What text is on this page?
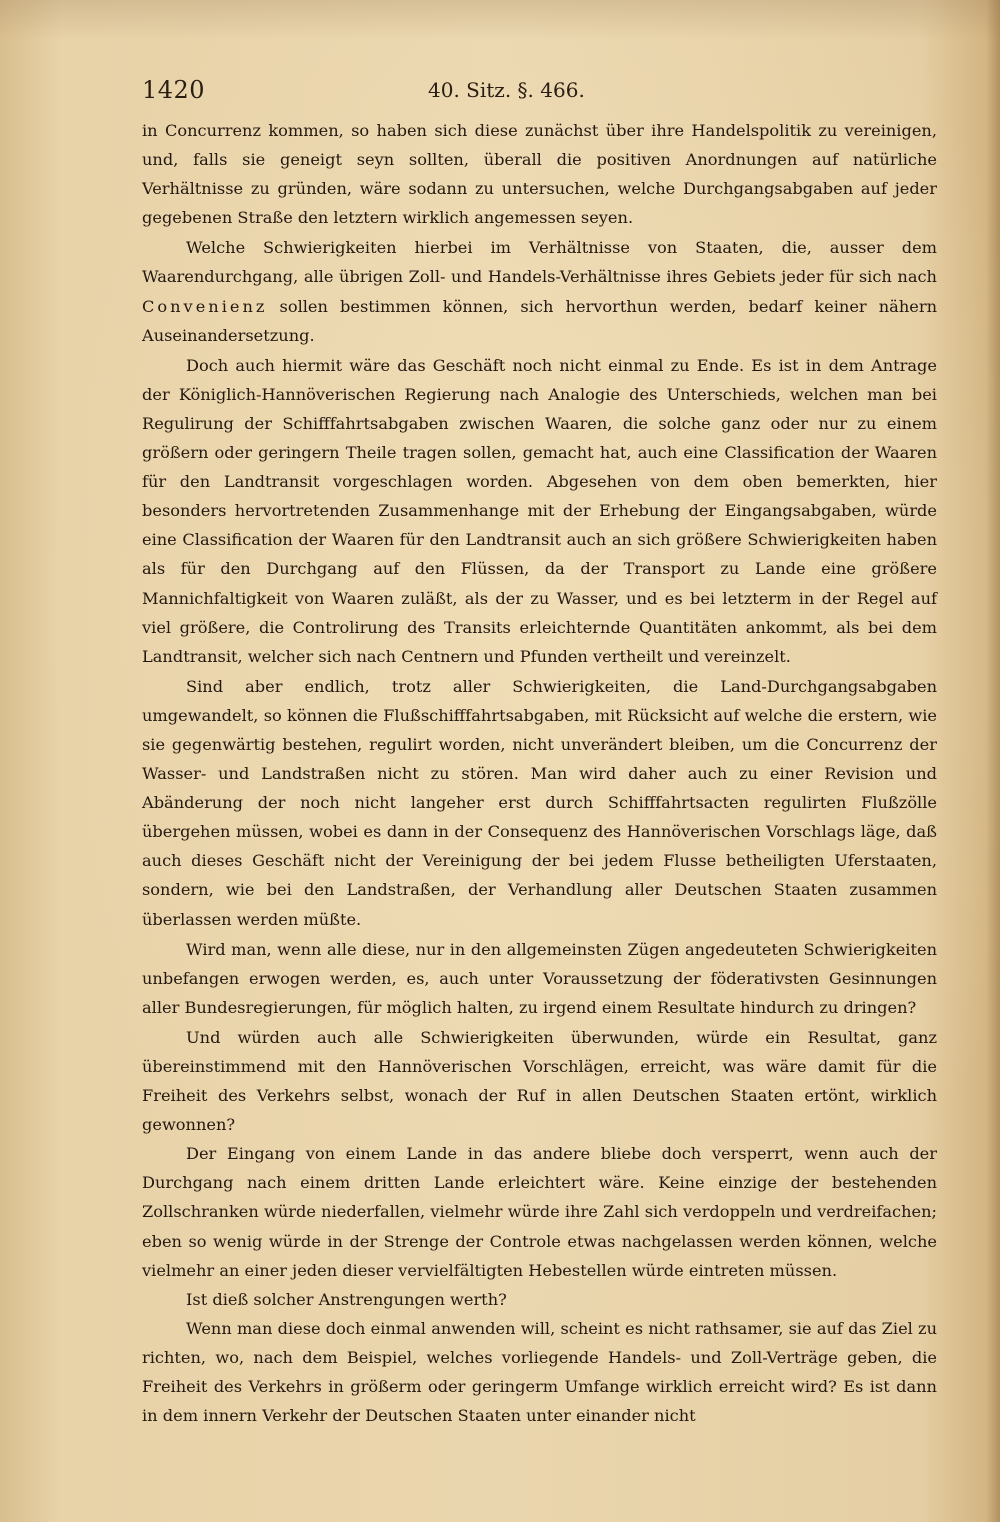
1420	40. Sitz. §. 466.

in Concurrenz kommen, so haben sich diese zunächst über ihre Handelspolitik zu vereinigen, und, falls sie geneigt seyn sollten, überall die positiven Anordnungen auf natürliche Verhältnisse zu gründen, wäre sodann zu untersuchen, welche Durchgangsabgaben auf jeder gegebenen Straße den letztern wirklich angemessen seyen.

Welche Schwierigkeiten hierbei im Verhältnisse von Staaten, die, ausser dem Waarendurchgang, alle übrigen Zoll- und Handels-Verhältnisse ihres Gebiets jeder für sich nach Convenienz sollen bestimmen können, sich hervorthun werden, bedarf keiner nähern Auseinandersetzung.

Doch auch hiermit wäre das Geschäft noch nicht einmal zu Ende. Es ist in dem Antrage der Königlich-Hannöverischen Regierung nach Analogie des Unterschieds, welchen man bei Regulirung der Schifffahrtsabgaben zwischen Waaren, die solche ganz oder nur zu einem größern oder geringern Theile tragen sollen, gemacht hat, auch eine Classification der Waaren für den Landtransit vorgeschlagen worden. Abgesehen von dem oben bemerkten, hier besonders hervortretenden Zusammenhange mit der Erhebung der Eingangsabgaben, würde eine Classification der Waaren für den Landtransit auch an sich größere Schwierigkeiten haben als für den Durchgang auf den Flüssen, da der Transport zu Lande eine größere Mannichfaltigkeit von Waaren zuläßt, als der zu Wasser, und es bei letzterm in der Regel auf viel größere, die Controlirung des Transits erleichternde Quantitäten ankommt, als bei dem Landtransit, welcher sich nach Centnern und Pfunden vertheilt und vereinzelt.

Sind aber endlich, trotz aller Schwierigkeiten, die Land-Durchgangsabgaben umgewandelt, so können die Flußschifffahrtsabgaben, mit Rücksicht auf welche die erstern, wie sie gegenwärtig bestehen, regulirt worden, nicht unverändert bleiben, um die Concurrenz der Wasser- und Landstraßen nicht zu stören. Man wird daher auch zu einer Revision und Abänderung der noch nicht langeher erst durch Schifffahrtsacten regulirten Flußzölle übergehen müssen, wobei es dann in der Consequenz des Hannöverischen Vorschlags läge, daß auch dieses Geschäft nicht der Vereinigung der bei jedem Flusse betheiligten Uferstaaten, sondern, wie bei den Landstraßen, der Verhandlung aller Deutschen Staaten zusammen überlassen werden müßte.

Wird man, wenn alle diese, nur in den allgemeinsten Zügen angedeuteten Schwierigkeiten unbefangen erwogen werden, es, auch unter Voraussetzung der föderativsten Gesinnungen aller Bundesregierungen, für möglich halten, zu irgend einem Resultate hindurch zu dringen?

Und würden auch alle Schwierigkeiten überwunden, würde ein Resultat, ganz übereinstimmend mit den Hannöverischen Vorschlägen, erreicht, was wäre damit für die Freiheit des Verkehrs selbst, wonach der Ruf in allen Deutschen Staaten ertönt, wirklich gewonnen?

Der Eingang von einem Lande in das andere bliebe doch versperrt, wenn auch der Durchgang nach einem dritten Lande erleichtert wäre. Keine einzige der bestehenden Zollschranken würde niederfallen, vielmehr würde ihre Zahl sich verdoppeln und verdreifachen; eben so wenig würde in der Strenge der Controle etwas nachgelassen werden können, welche vielmehr an einer jeden dieser vervielfältigten Hebestellen würde eintreten müssen.

Ist dieß solcher Anstrengungen werth?

Wenn man diese doch einmal anwenden will, scheint es nicht rathsamer, sie auf das Ziel zu richten, wo, nach dem Beispiel, welches vorliegende Handels- und Zoll-Verträge geben, die Freiheit des Verkehrs in größerm oder geringerm Umfange wirklich erreicht wird? Es ist dann in dem innern Verkehr der Deutschen Staaten unter einander nicht
